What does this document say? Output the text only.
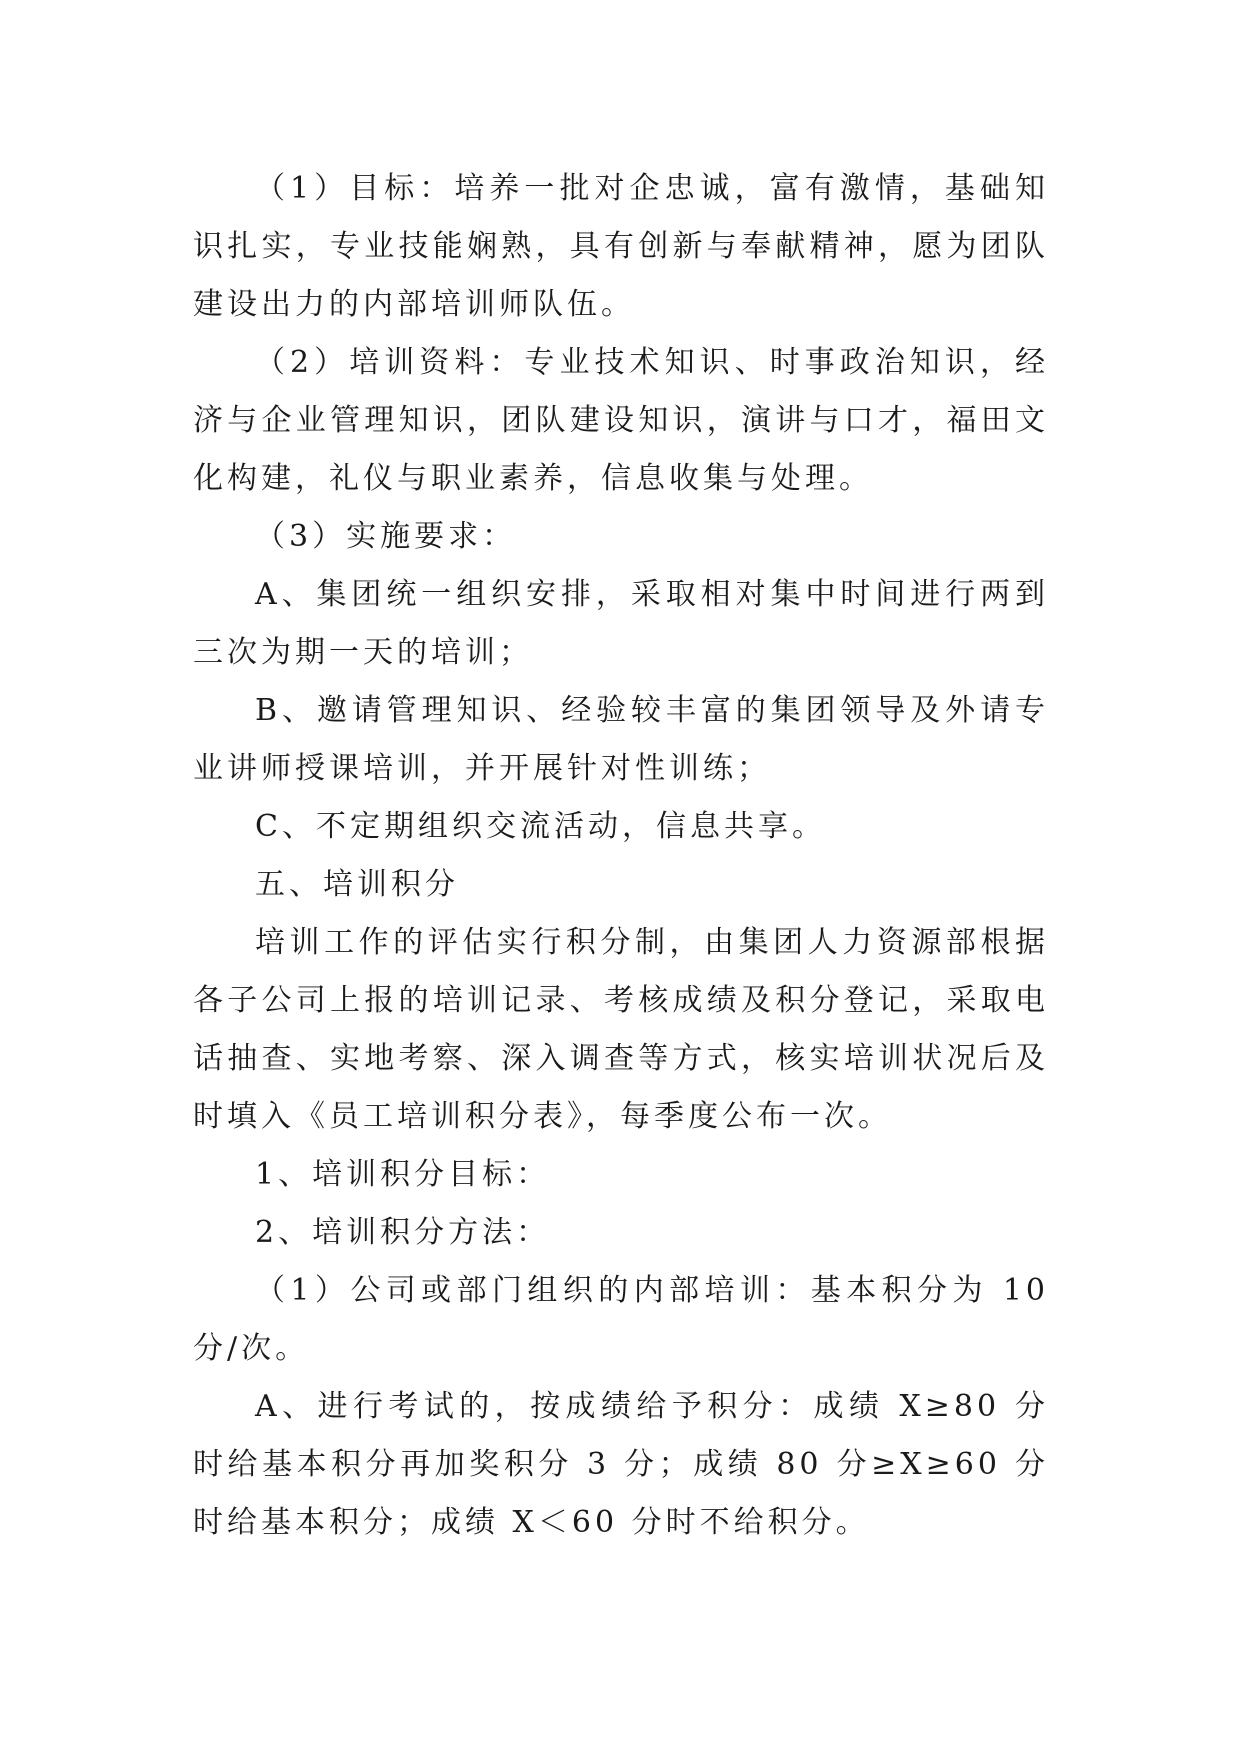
（1）目标：培养一批对企忠诚，富有激情，基础知识扎实，专业技能娴熟，具有创新与奉献精神，愿为团队建设出力的内部培训师队伍。

（2）培训资料：专业技术知识、时事政治知识，经济与企业管理知识，团队建设知识，演讲与口才，福田文化构建，礼仪与职业素养，信息收集与处理。

（3）实施要求：

A、集团统一组织安排，采取相对集中时间进行两到三次为期一天的培训；

B、邀请管理知识、经验较丰富的集团领导及外请专业讲师授课培训，并开展针对性训练；

C、不定期组织交流活动，信息共享。

五、培训积分

培训工作的评估实行积分制，由集团人力资源部根据各子公司上报的培训记录、考核成绩及积分登记，采取电话抽查、实地考察、深入调查等方式，核实培训状况后及时填入《员工培训积分表》，每季度公布一次。

1、培训积分目标：

2、培训积分方法：

（1）公司或部门组织的内部培训：基本积分为 10 分/次。

A、进行考试的，按成绩给予积分：成绩 X≥80 分时给基本积分再加奖积分 3 分；成绩 80 分≥X≥60 分时给基本积分；成绩 X＜60 分时不给积分。
